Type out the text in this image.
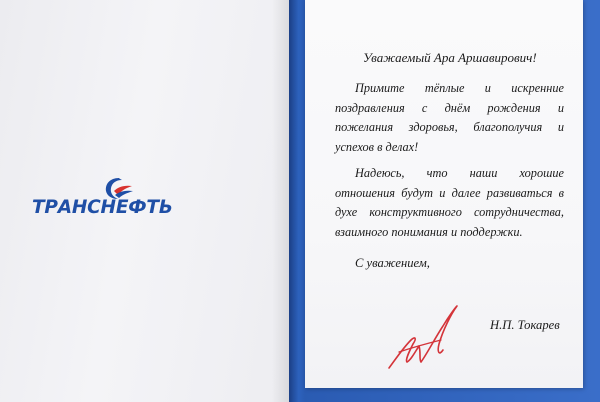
ТРАНСНЕФТЬ
Уважаемый Ара Аршавирович!
Примите тёплые и искренние поздравления с днём рождения и пожелания здоровья, благополучия и успехов в делах!
Надеюсь, что наши хорошие отношения будут и далее развиваться в духе конструктивного сотрудничества, взаимного понимания и поддержки.
С уважением,
Н.П. Токарев
